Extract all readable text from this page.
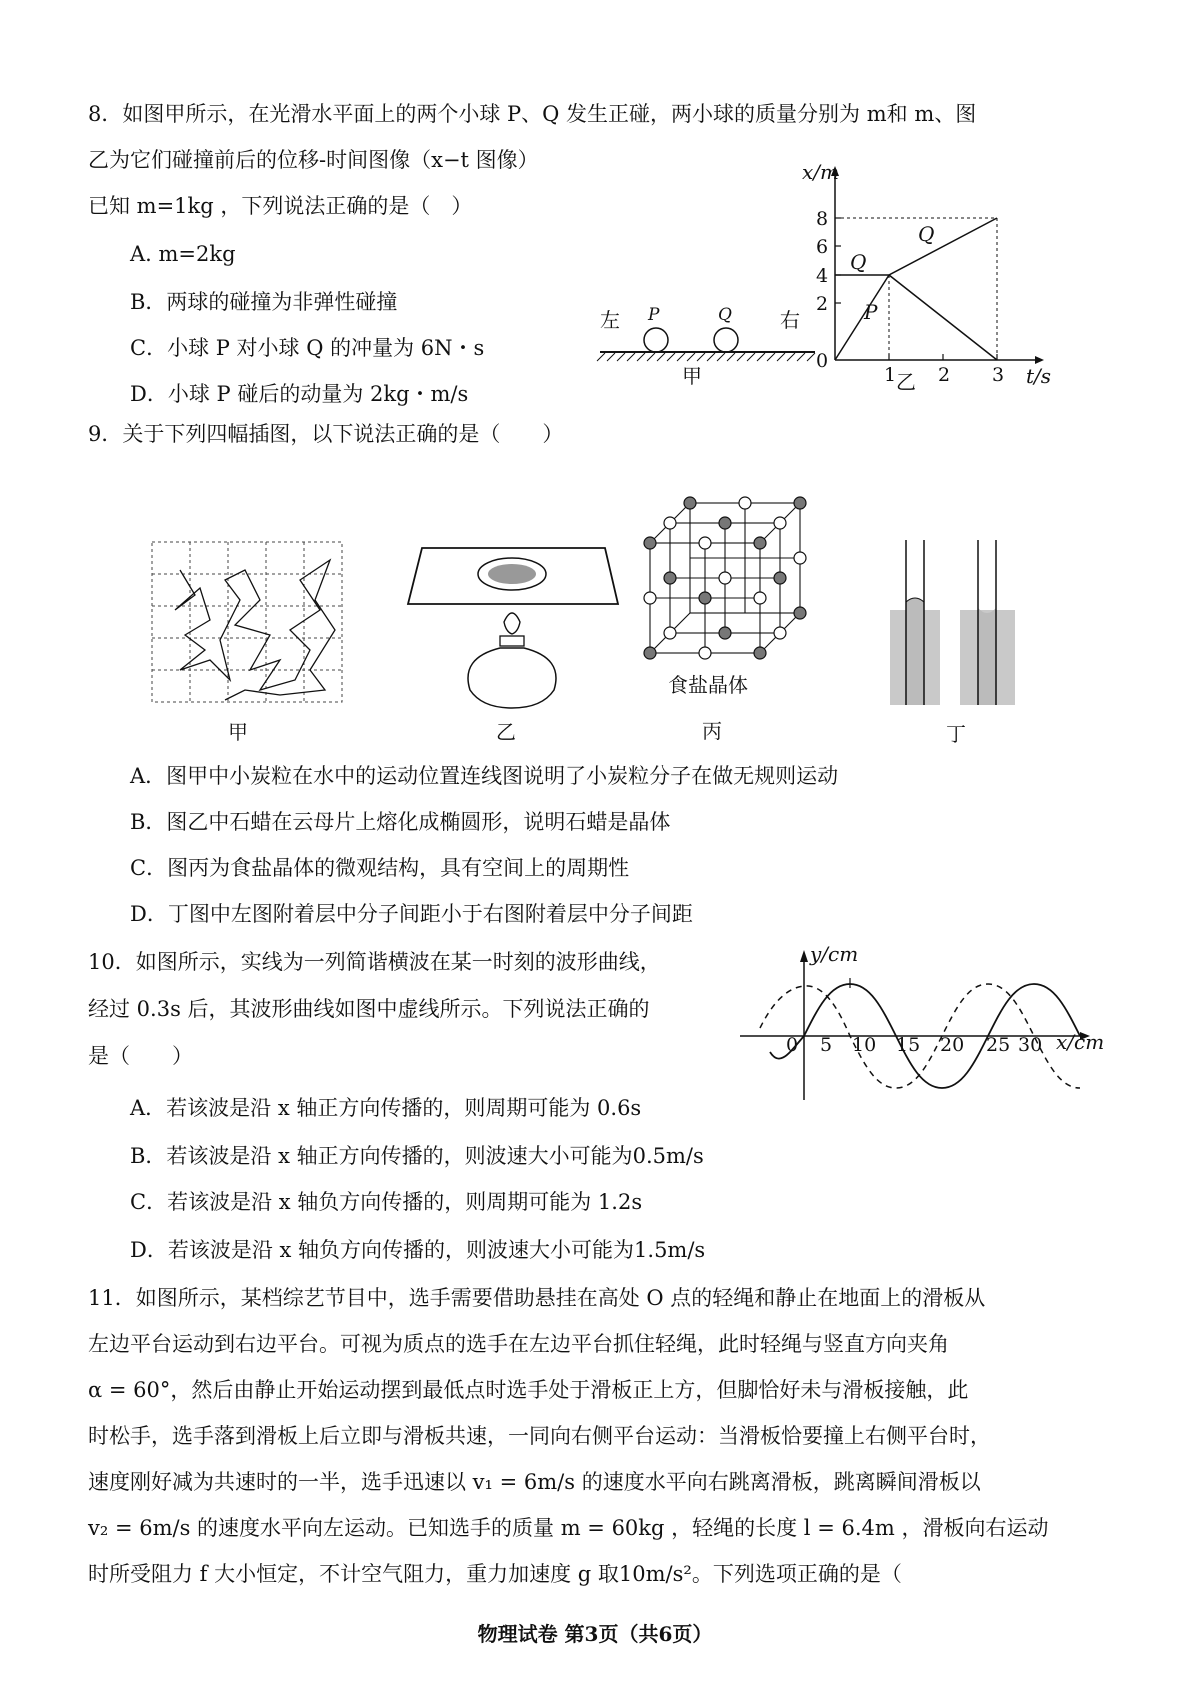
8．如图甲所示，在光滑水平面上的两个小球 P、Q 发生正碰，两小球的质量分别为 m和 m、图
乙为它们碰撞前后的位移-时间图像（x−t 图像）
已知 m=1kg ，下列说法正确的是（　）
A. m=2kg
B．两球的碰撞为非弹性碰撞
C．小球 P 对小球 Q 的冲量为 6N・s
D．小球 P 碰后的动量为 2kg・m/s
左 P	Q 右
甲
x/m
8
6
4
2
0
1 2 3 t/s
Q
Q
P
乙
9．关于下列四幅插图，以下说法正确的是（　　）
甲	乙
食盐晶体
丙	丁
A．图甲中小炭粒在水中的运动位置连线图说明了小炭粒分子在做无规则运动
B．图乙中石蜡在云母片上熔化成椭圆形，说明石蜡是晶体
C．图丙为食盐晶体的微观结构，具有空间上的周期性
D．丁图中左图附着层中分子间距小于右图附着层中分子间距
10．如图所示，实线为一列简谐横波在某一时刻的波形曲线，
经过 0.3s 后，其波形曲线如图中虚线所示。下列说法正确的
是（　　）
y/cm
x/cm
0 5 10 15 20 25 30
A．若该波是沿 x 轴正方向传播的，则周期可能为 0.6s
B．若该波是沿 x 轴正方向传播的，则波速大小可能为0.5m/s
C．若该波是沿 x 轴负方向传播的，则周期可能为 1.2s
D．若该波是沿 x 轴负方向传播的，则波速大小可能为1.5m/s
11．如图所示，某档综艺节目中，选手需要借助悬挂在高处 O 点的轻绳和静止在地面上的滑板从
左边平台运动到右边平台。可视为质点的选手在左边平台抓住轻绳，此时轻绳与竖直方向夹角
α = 60°，然后由静止开始运动摆到最低点时选手处于滑板正上方，但脚恰好未与滑板接触，此
时松手，选手落到滑板上后立即与滑板共速，一同向右侧平台运动：当滑板恰要撞上右侧平台时，
速度刚好减为共速时的一半，选手迅速以 v₁ = 6m/s 的速度水平向右跳离滑板，跳离瞬间滑板以
v₂ = 6m/s 的速度水平向左运动。已知选手的质量 m = 60kg ，轻绳的长度 l = 6.4m ，滑板向右运动
时所受阻力 f 大小恒定，不计空气阻力，重力加速度 g 取10m/s²。下列选项正确的是（
物理试卷 第3页（共6页）
